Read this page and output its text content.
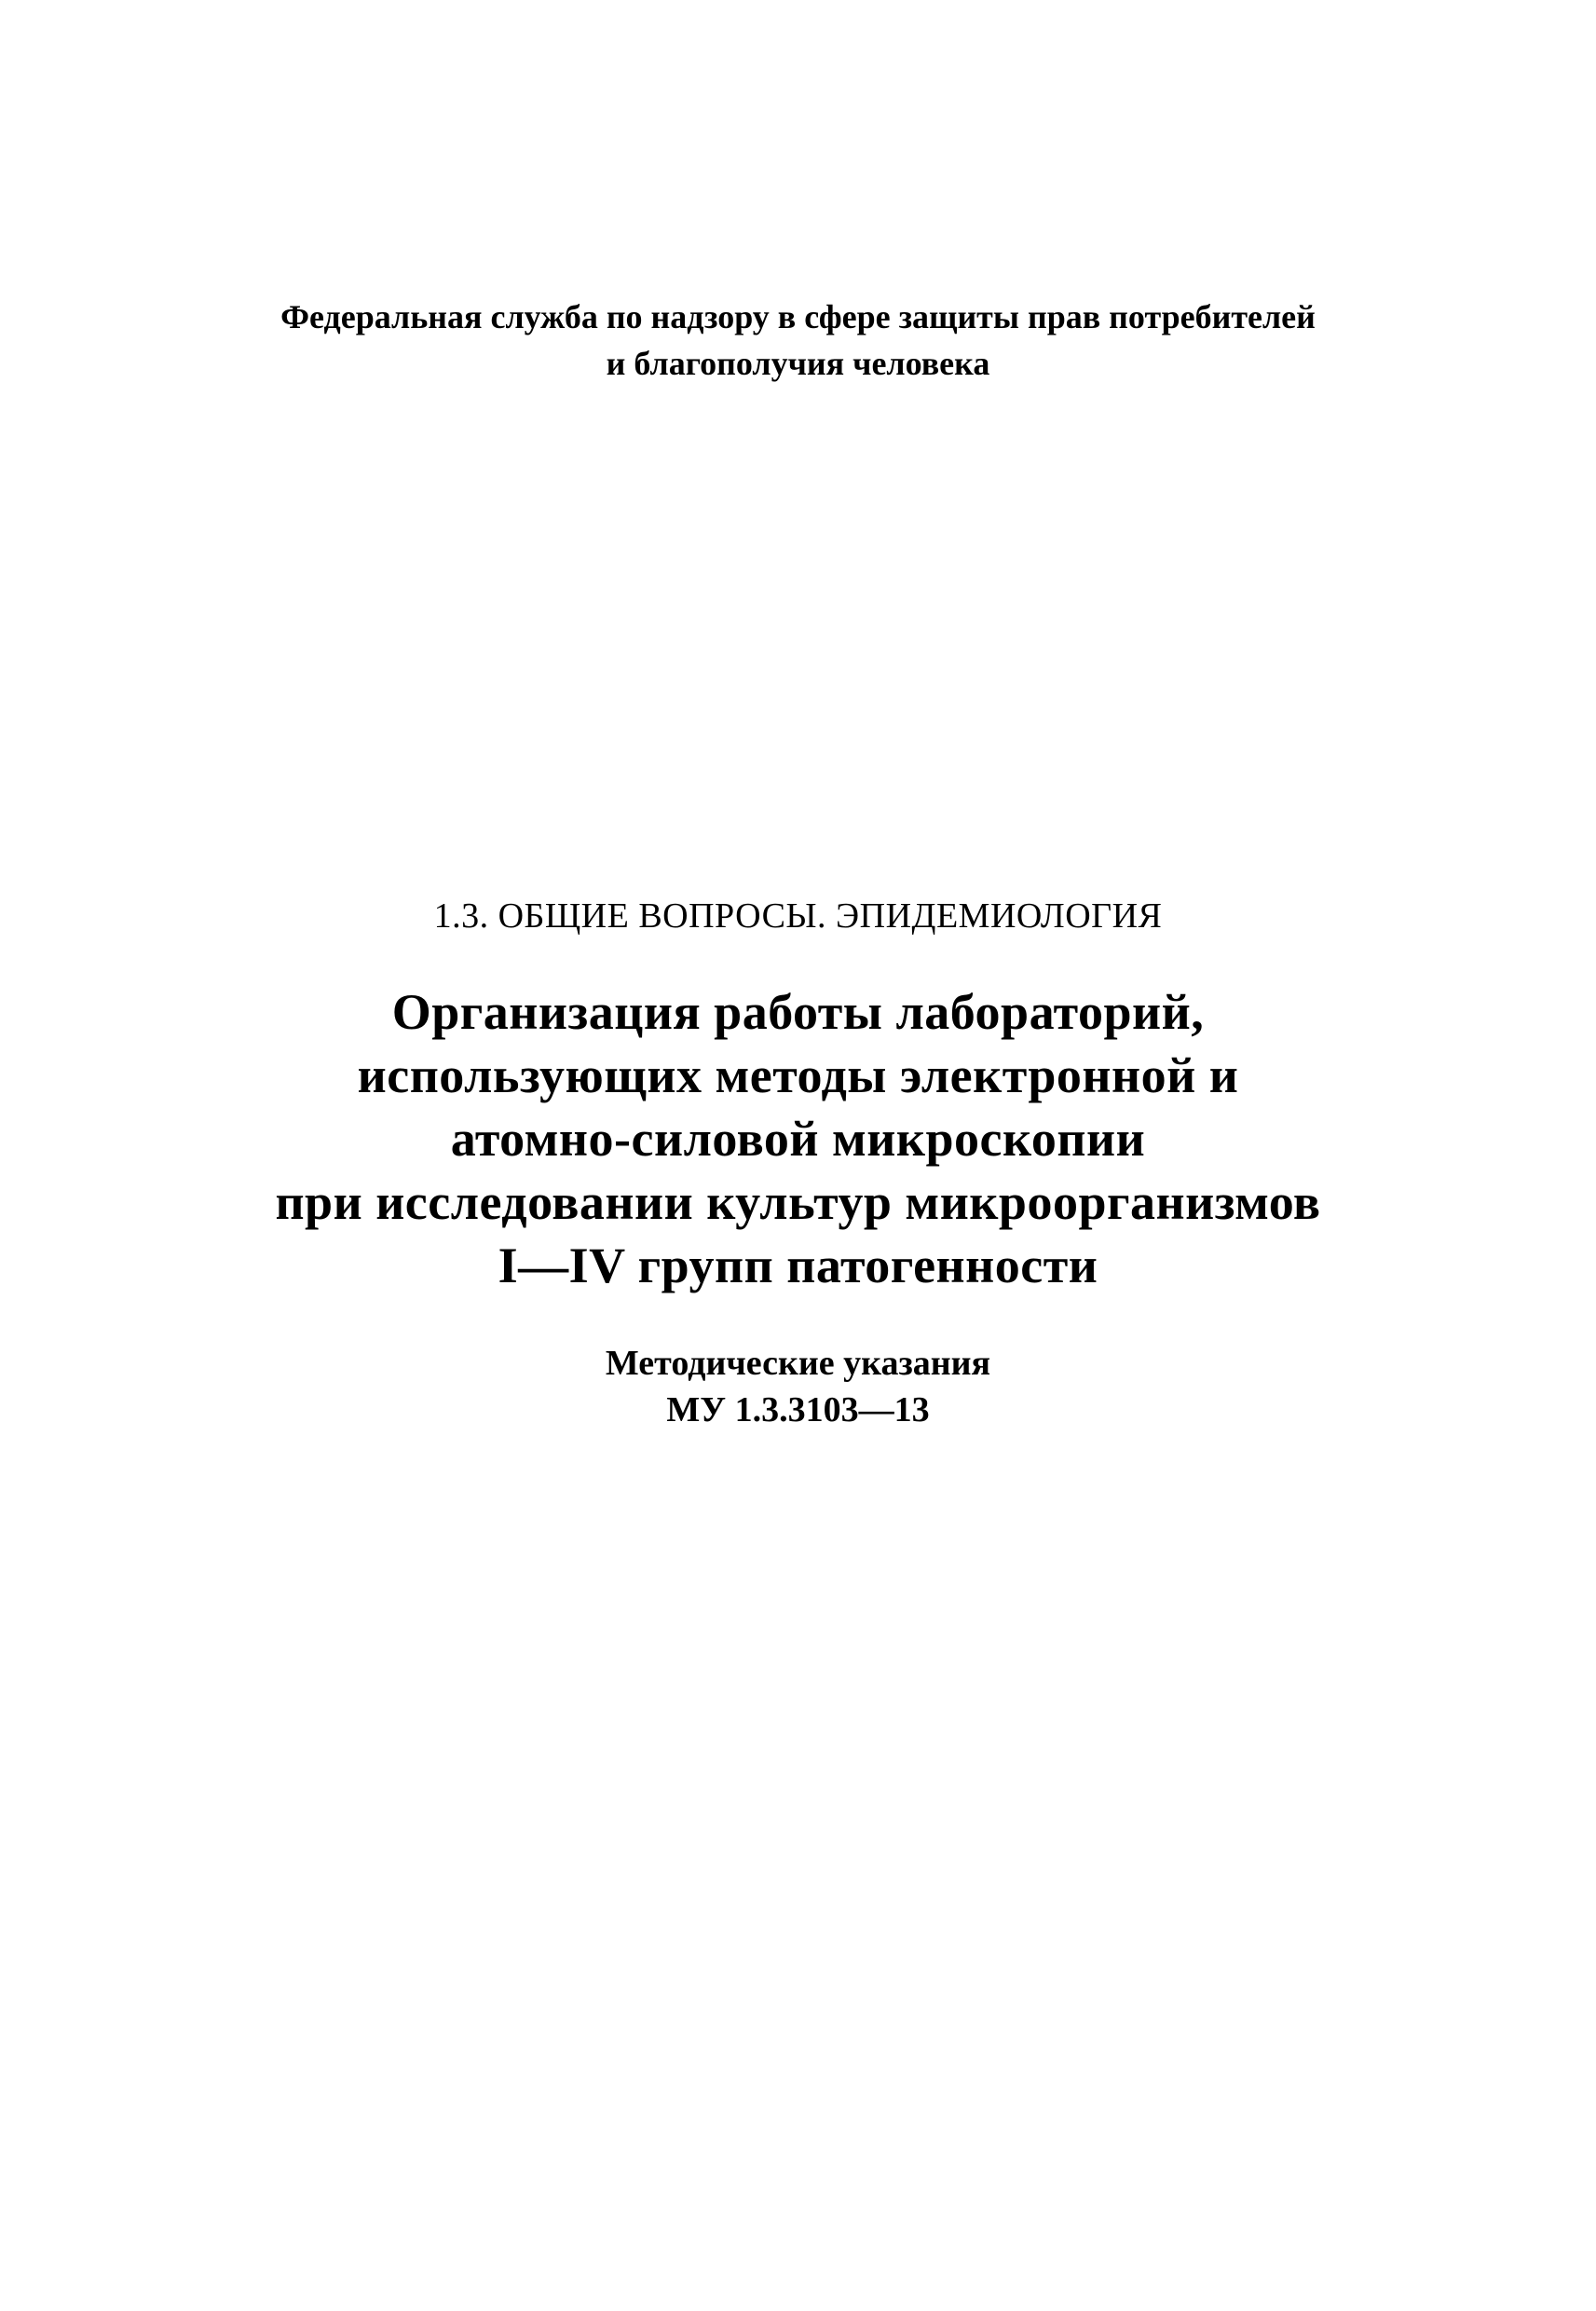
Федеральная служба по надзору в сфере защиты прав потребителей
и благополучия человека
1.3. ОБЩИЕ ВОПРОСЫ. ЭПИДЕМИОЛОГИЯ
Организация работы лабораторий,
использующих методы электронной и
атомно-силовой микроскопии
при исследовании культур микроорганизмов
I—IV групп патогенности
Методические указания
МУ 1.3.3103—13
